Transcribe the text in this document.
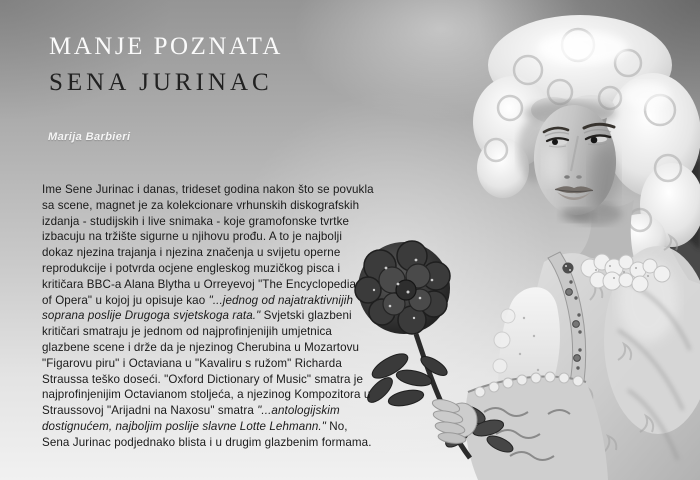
MANJE POZNATA
SENA JURINAC
Marija Barbieri
Ime Sene Jurinac i danas, trideset godina nakon što se povukla
sa scene, magnet je za kolekcionare vrhunskih diskografskih
izdanja - studijskih i live snimaka - koje gramofonske tvrtke
izbacuju na tržište sigurne u njihovu prođu. A to je najbolji
dokaz njezina trajanja i njezina značenja u svijetu operne
reprodukcije i potvrda ocjene engleskog muzičkog pisca i
kritičara BBC-a Alana Blytha u Orreyevoj "The Encyclopedia
of Opera" u kojoj ju opisuje kao "...jednog od najatraktivnijih
soprana poslije Drugoga svjetskoga rata." Svjetski glazbeni
kritičari smatraju je jednom od najprofinjenijih umjetnica
glazbene scene i drže da je njezinog Cherubina u Mozartovu
"Figarovu piru" i Octaviana u "Kavaliru s ružom" Richarda
Straussa teško doseći. "Oxford Dictionary of Music" smatra je
najprofinjenijim Octavianom stoljeća, a njezinog Kompozitora u
Straussovoj "Arijadni na Naxosu" smatra "...antologijskim
dostignućem, najboljim poslije slavne Lotte Lehmann." No,
Sena Jurinac podjednako blista i u drugim glazbenim formama.
